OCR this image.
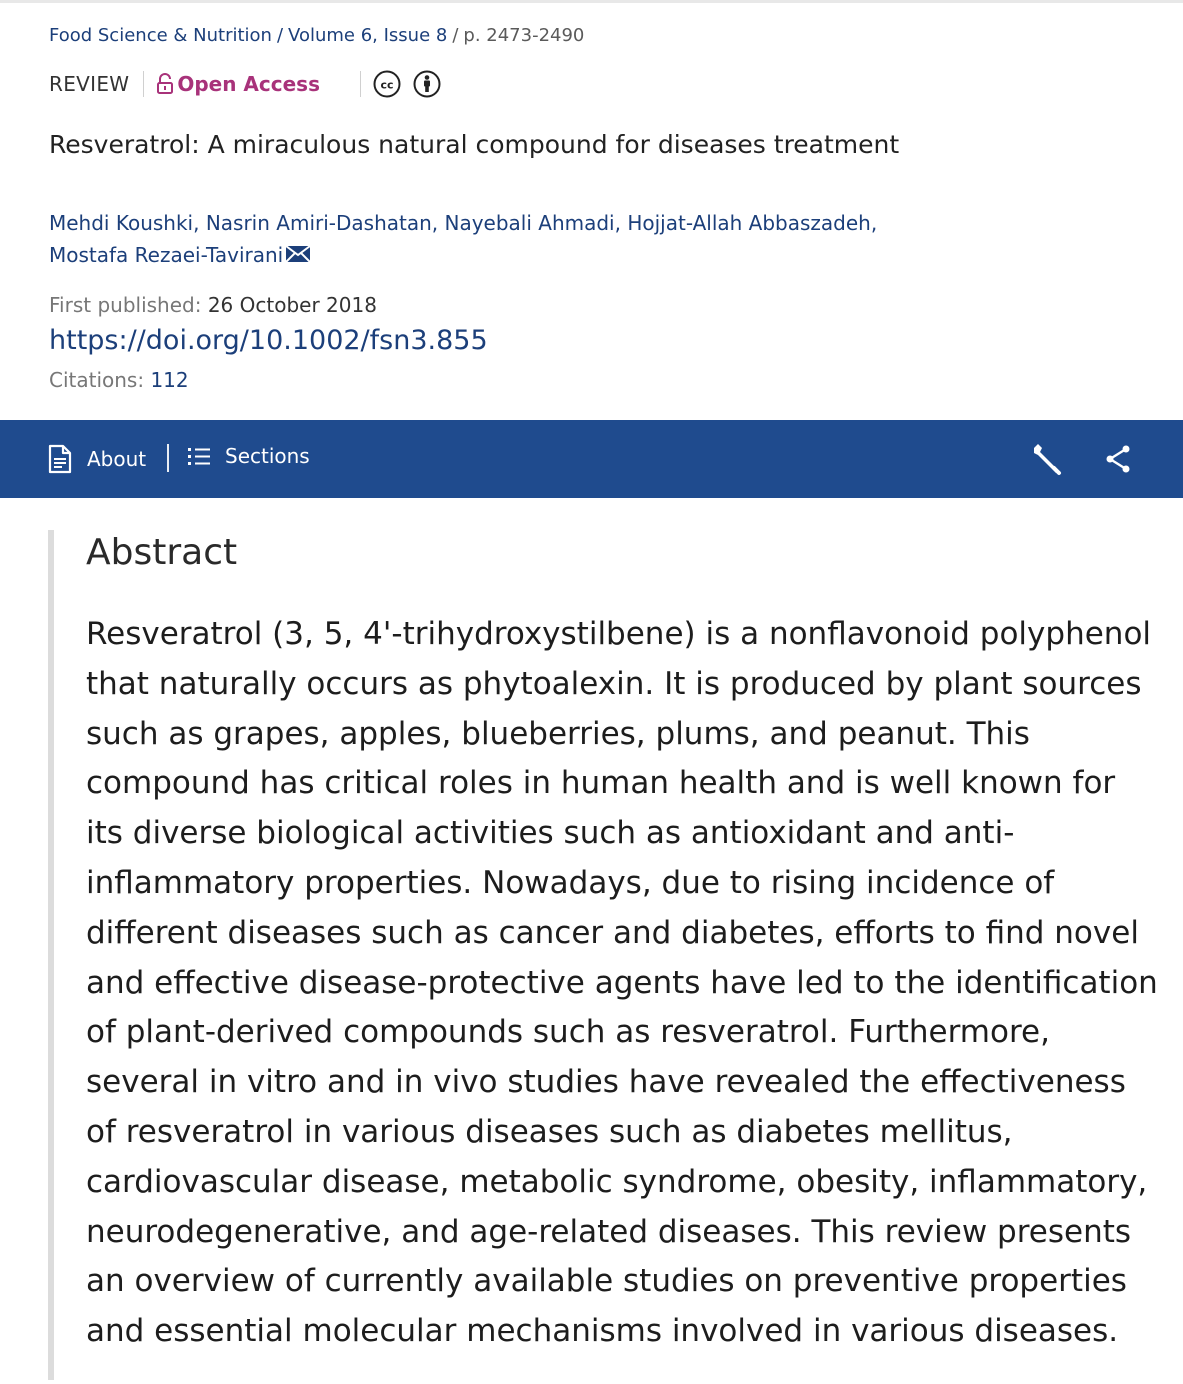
Food Science & Nutrition / Volume 6, Issue 8 / p. 2473-2490
REVIEW Open Access	cc
Resveratrol: A miraculous natural compound for diseases treatment
Mehdi Koushki, Nasrin Amiri-Dashatan, Nayebali Ahmadi, Hojjat-Allah Abbaszadeh,
Mostafa Rezaei-Tavirani
First published: 26 October 2018
https://doi.org/10.1002/fsn3.855
Citations: 112
About	Sections
Abstract
Resveratrol (3, 5, 4'-trihydroxystilbene) is a nonflavonoid polyphenol
that naturally occurs as phytoalexin. It is produced by plant sources
such as grapes, apples, blueberries, plums, and peanut. This
compound has critical roles in human health and is well known for
its diverse biological activities such as antioxidant and anti-
inflammatory properties. Nowadays, due to rising incidence of
different diseases such as cancer and diabetes, efforts to find novel
and effective disease-protective agents have led to the identification
of plant-derived compounds such as resveratrol. Furthermore,
several in vitro and in vivo studies have revealed the effectiveness
of resveratrol in various diseases such as diabetes mellitus,
cardiovascular disease, metabolic syndrome, obesity, inflammatory,
neurodegenerative, and age-related diseases. This review presents
an overview of currently available studies on preventive properties
and essential molecular mechanisms involved in various diseases.
